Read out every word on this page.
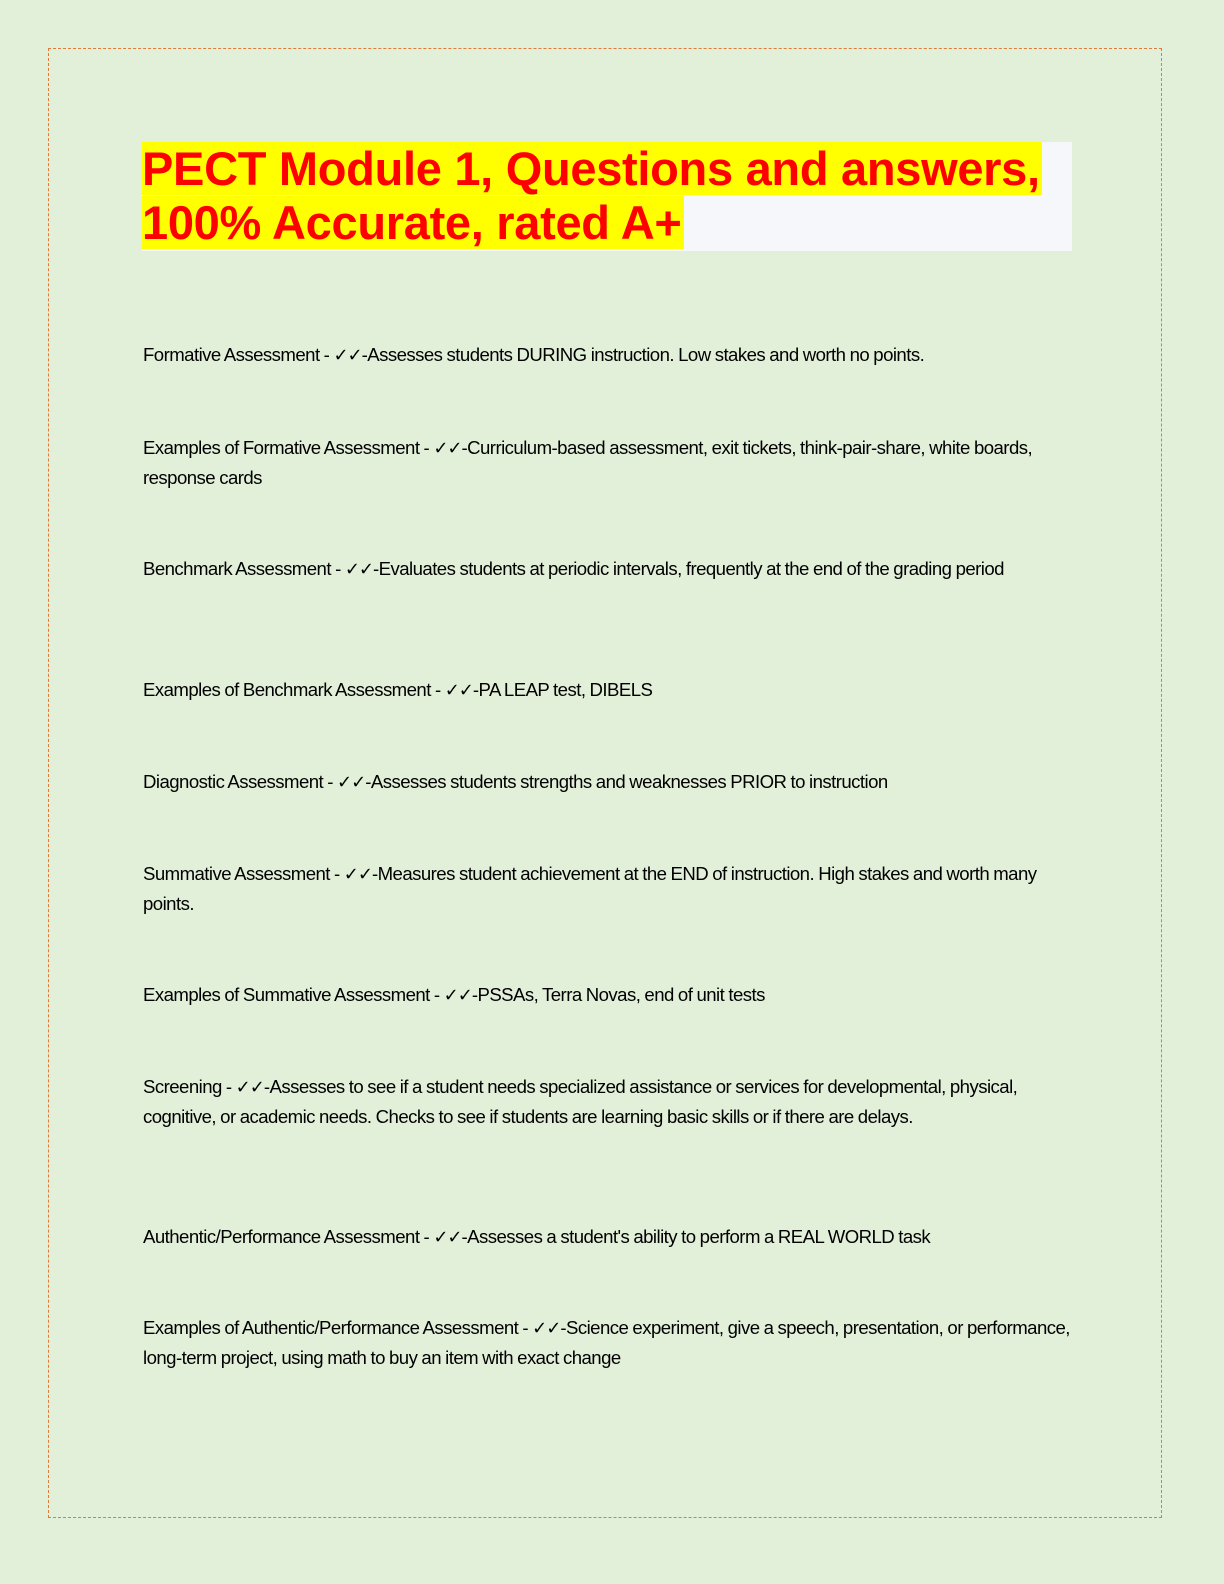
PECT Module 1, Questions and answers,
100% Accurate, rated A+

Formative Assessment - ✓✓-Assesses students DURING instruction. Low stakes and worth no points.

Examples of Formative Assessment - ✓✓-Curriculum-based assessment, exit tickets, think-pair-share, white boards, response cards

Benchmark Assessment - ✓✓-Evaluates students at periodic intervals, frequently at the end of the grading period

Examples of Benchmark Assessment - ✓✓-PA LEAP test, DIBELS

Diagnostic Assessment - ✓✓-Assesses students strengths and weaknesses PRIOR to instruction

Summative Assessment - ✓✓-Measures student achievement at the END of instruction. High stakes and worth many points.

Examples of Summative Assessment - ✓✓-PSSAs, Terra Novas, end of unit tests

Screening - ✓✓-Assesses to see if a student needs specialized assistance or services for developmental, physical, cognitive, or academic needs. Checks to see if students are learning basic skills or if there are delays.

Authentic/Performance Assessment - ✓✓-Assesses a student's ability to perform a REAL WORLD task

Examples of Authentic/Performance Assessment - ✓✓-Science experiment, give a speech, presentation, or performance, long-term project, using math to buy an item with exact change
